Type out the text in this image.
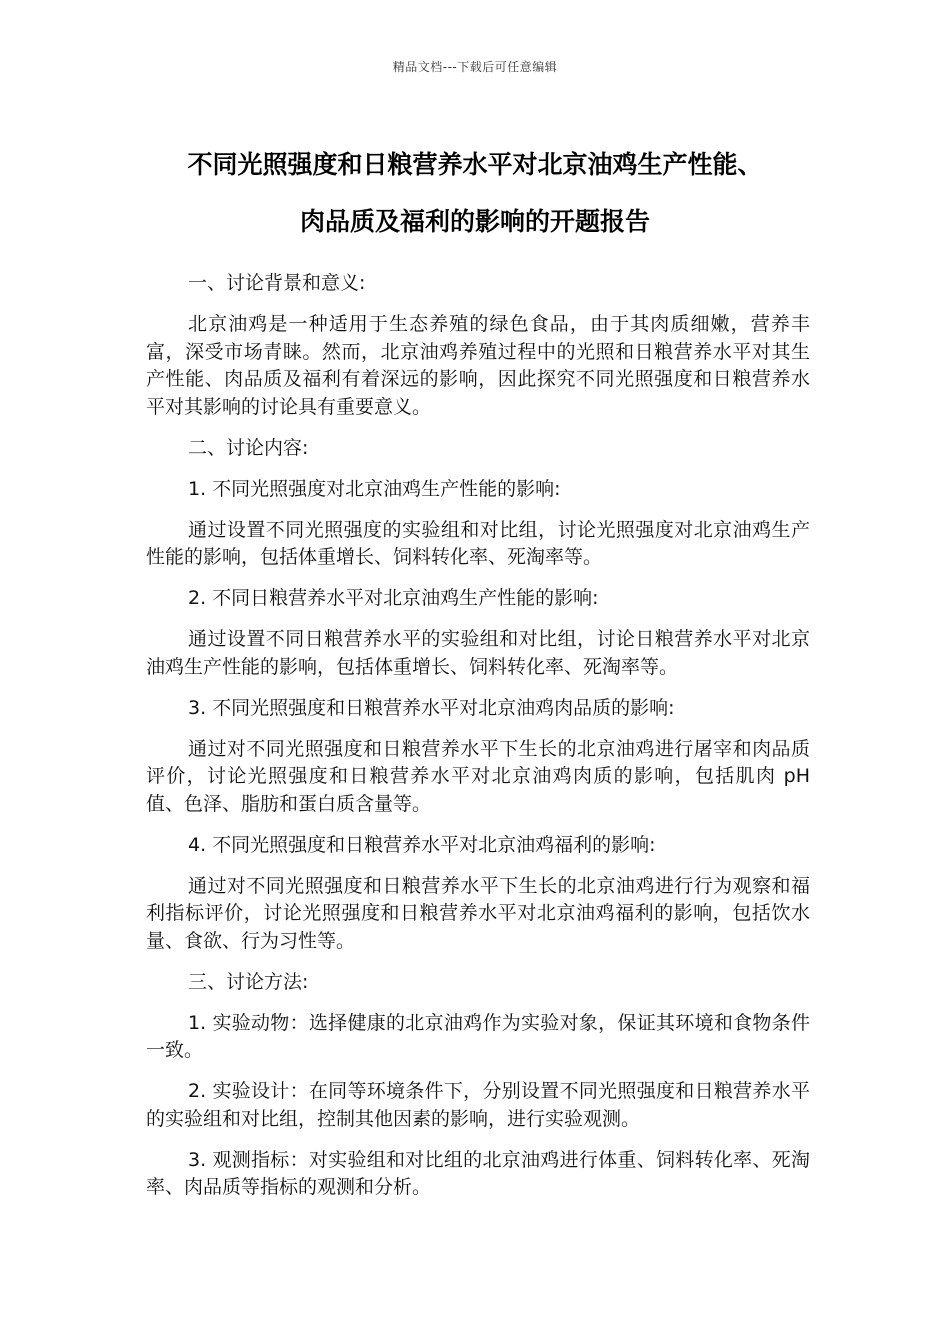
精品文档---下载后可任意编辑
不同光照强度和日粮营养水平对北京油鸡生产性能、
肉品质及福利的影响的开题报告

一、讨论背景和意义:

北京油鸡是一种适用于生态养殖的绿色食品，由于其肉质细嫩，营养丰富，深受市场青睐。然而，北京油鸡养殖过程中的光照和日粮营养水平对其生产性能、肉品质及福利有着深远的影响，因此探究不同光照强度和日粮营养水平对其影响的讨论具有重要意义。

二、讨论内容:

1. 不同光照强度对北京油鸡生产性能的影响:

通过设置不同光照强度的实验组和对比组，讨论光照强度对北京油鸡生产性能的影响，包括体重增长、饲料转化率、死淘率等。

2. 不同日粮营养水平对北京油鸡生产性能的影响:

通过设置不同日粮营养水平的实验组和对比组，讨论日粮营养水平对北京油鸡生产性能的影响，包括体重增长、饲料转化率、死淘率等。

3. 不同光照强度和日粮营养水平对北京油鸡肉品质的影响:

通过对不同光照强度和日粮营养水平下生长的北京油鸡进行屠宰和肉品质评价，讨论光照强度和日粮营养水平对北京油鸡肉质的影响，包括肌肉 pH 值、色泽、脂肪和蛋白质含量等。

4. 不同光照强度和日粮营养水平对北京油鸡福利的影响:

通过对不同光照强度和日粮营养水平下生长的北京油鸡进行行为观察和福利指标评价，讨论光照强度和日粮营养水平对北京油鸡福利的影响，包括饮水量、食欲、行为习性等。

三、讨论方法:

1. 实验动物：选择健康的北京油鸡作为实验对象，保证其环境和食物条件一致。

2. 实验设计：在同等环境条件下，分别设置不同光照强度和日粮营养水平的实验组和对比组，控制其他因素的影响，进行实验观测。

3. 观测指标：对实验组和对比组的北京油鸡进行体重、饲料转化率、死淘率、肉品质等指标的观测和分析。
